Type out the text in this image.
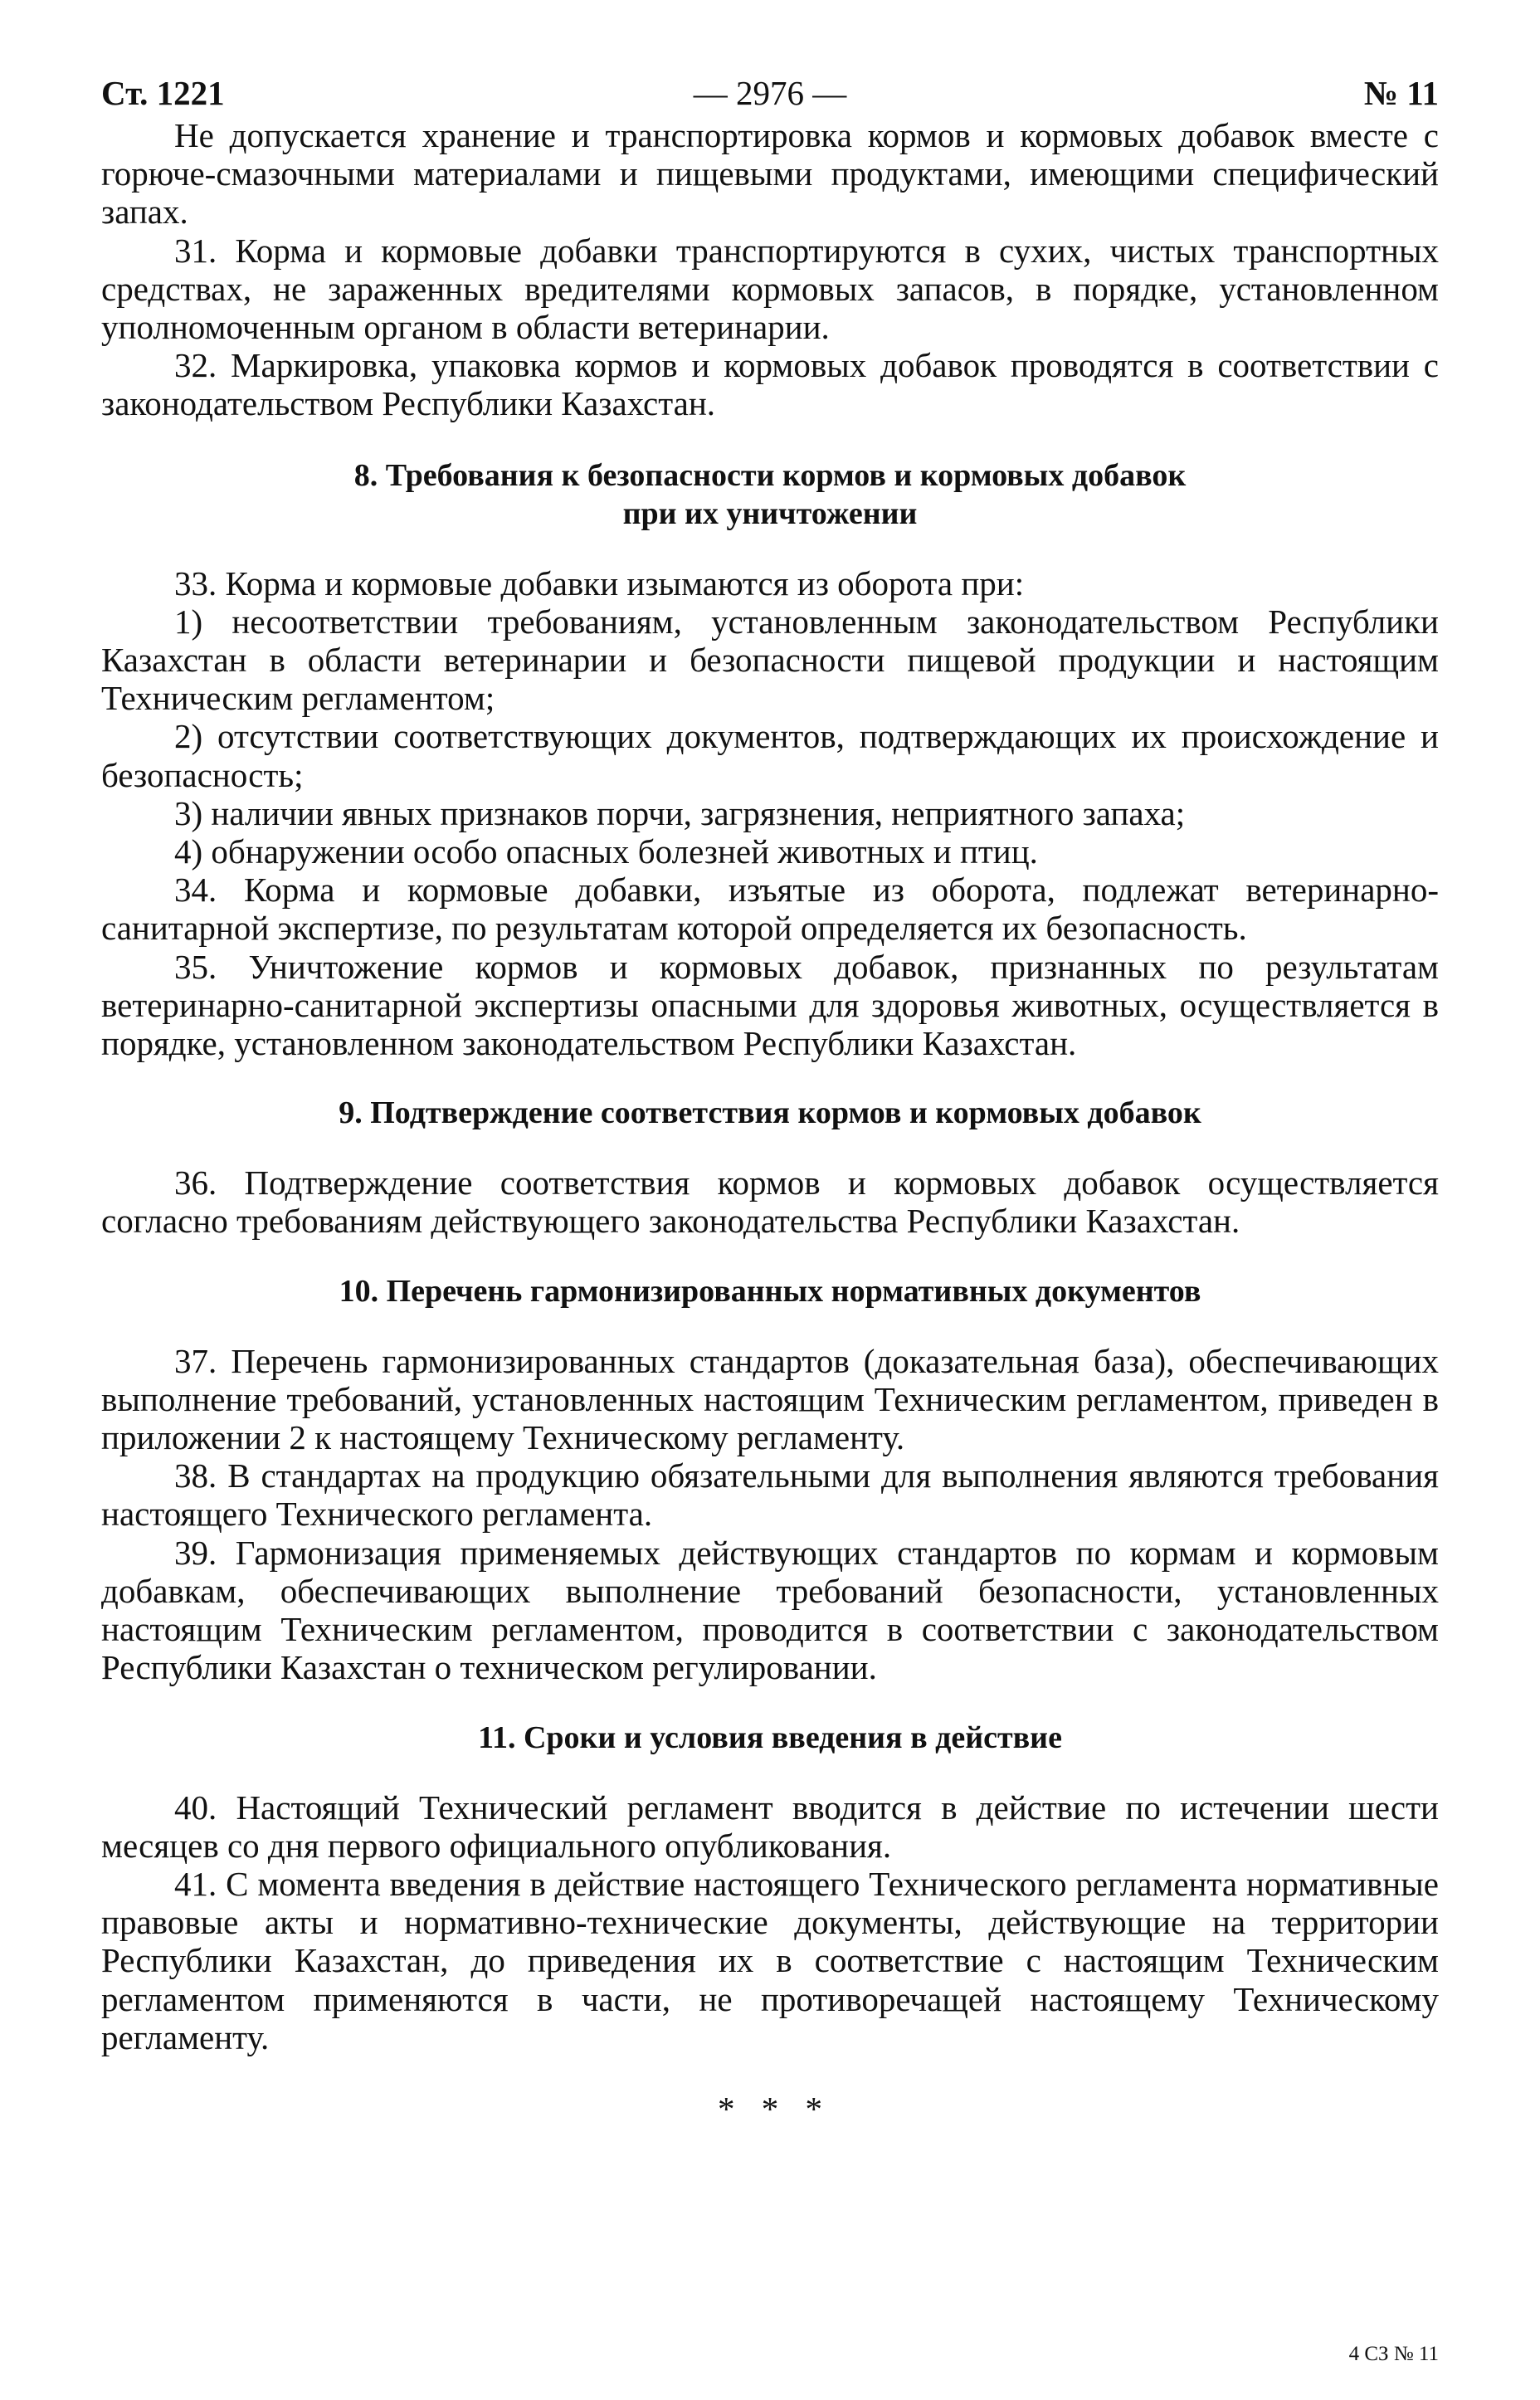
Ст. 1221	— 2976 —	№ 11

Не допускается хранение и транспортировка кормов и кормовых добавок вместе с горюче-смазочными материалами и пищевыми продуктами, имеющими специфический запах.

31. Корма и кормовые добавки транспортируются в сухих, чистых транспортных средствах, не зараженных вредителями кормовых запасов, в порядке, установленном уполномоченным органом в области ветеринарии.

32. Маркировка, упаковка кормов и кормовых добавок проводятся в соответствии с законодательством Республики Казахстан.

8. Требования к безопасности кормов и кормовых добавок
при их уничтожении

33. Корма и кормовые добавки изымаются из оборота при:

1) несоответствии требованиям, установленным законодательством Республики Казахстан в области ветеринарии и безопасности пищевой продукции и настоящим Техническим регламентом;

2) отсутствии соответствующих документов, подтверждающих их происхождение и безопасность;

3) наличии явных признаков порчи, загрязнения, неприятного запаха;

4) обнаружении особо опасных болезней животных и птиц.

34. Корма и кормовые добавки, изъятые из оборота, подлежат ветеринарно-санитарной экспертизе, по результатам которой определяется их безопасность.

35. Уничтожение кормов и кормовых добавок, признанных по результатам ветеринарно-санитарной экспертизы опасными для здоровья животных, осуществляется в порядке, установленном законодательством Республики Казахстан.

9. Подтверждение соответствия кормов и кормовых добавок

36. Подтверждение соответствия кормов и кормовых добавок осуществляется согласно требованиям действующего законодательства Республики Казахстан.

10. Перечень гармонизированных нормативных документов

37. Перечень гармонизированных стандартов (доказательная база), обеспечивающих выполнение требований, установленных настоящим Техническим регламентом, приведен в приложении 2 к настоящему Техническому регламенту.

38. В стандартах на продукцию обязательными для выполнения являются требования настоящего Технического регламента.

39. Гармонизация применяемых действующих стандартов по кормам и кормовым добавкам, обеспечивающих выполнение требований безопасности, установленных настоящим Техническим регламентом, проводится в соответствии с законодательством Республики Казахстан о техническом регулировании.

11. Сроки и условия введения в действие

40. Настоящий Технический регламент вводится в действие по истечении шести месяцев со дня первого официального опубликования.

41. С момента введения в действие настоящего Технического регламента нормативные правовые акты и нормативно-технические документы, действующие на территории Республики Казахстан, до приведения их в соответствие с настоящим Техническим регламентом применяются в части, не противоречащей настоящему Техническому регламенту.

* * *
4 СЗ № 11
